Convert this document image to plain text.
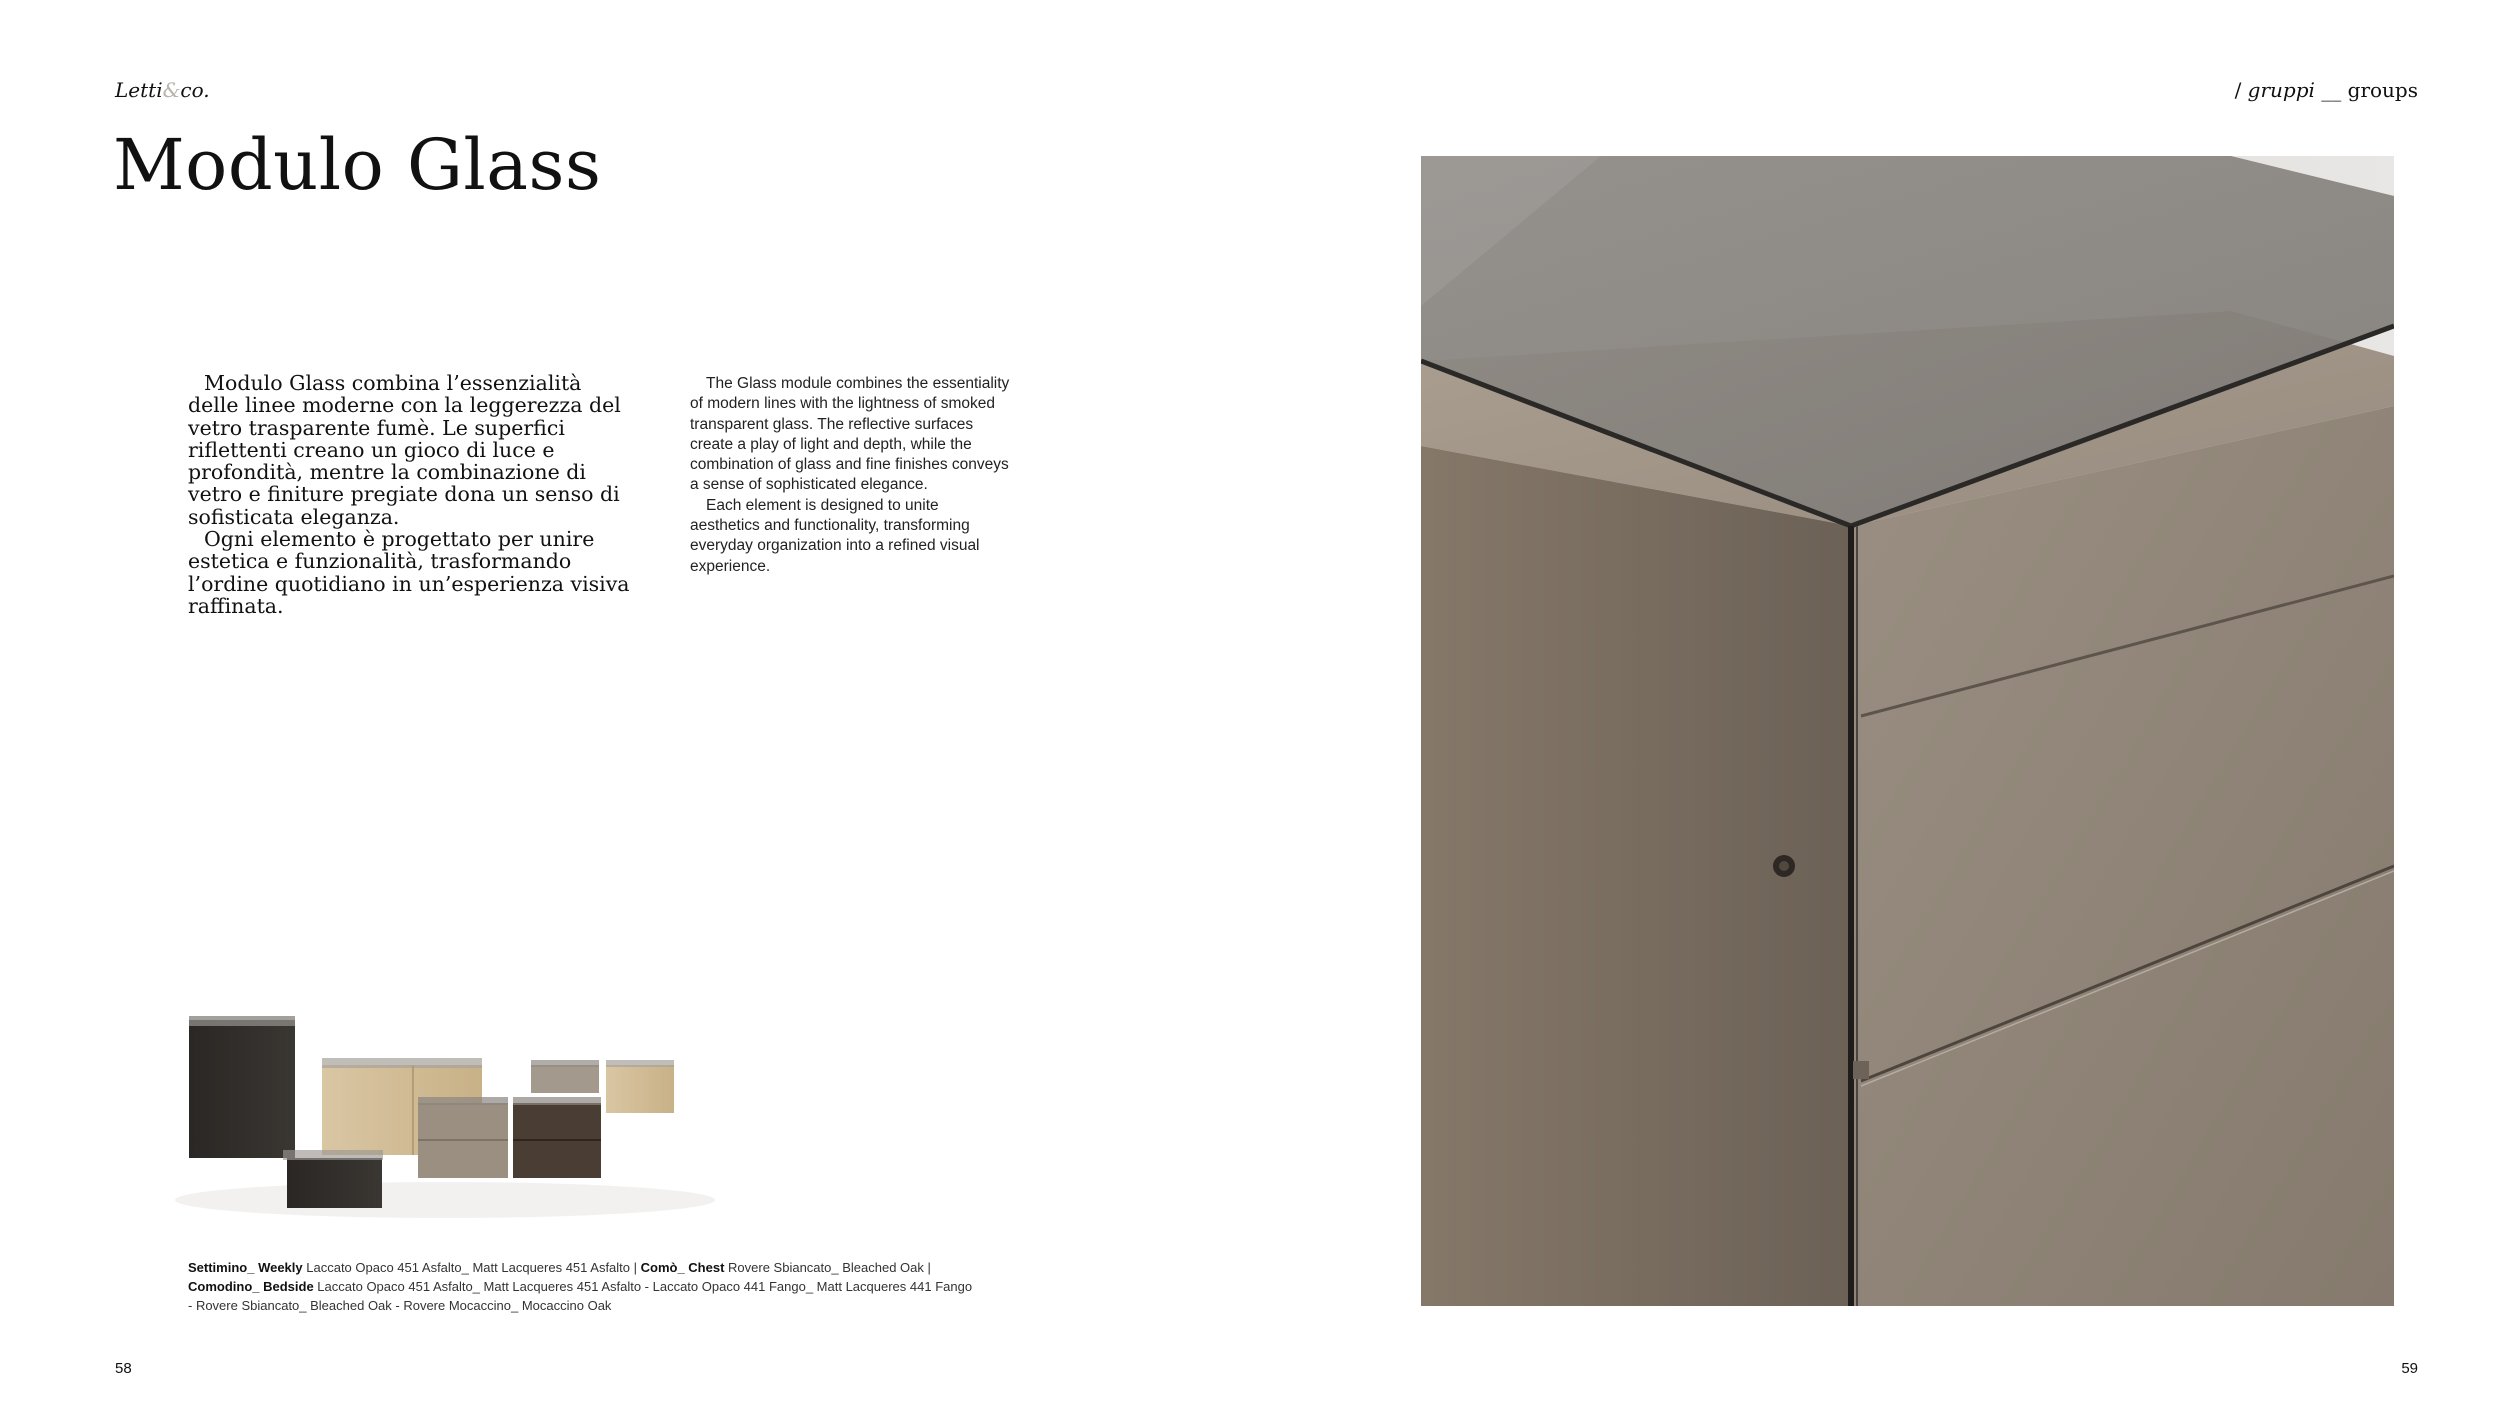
Letti&co.	/ gruppi __ groups
Modulo Glass

Modulo Glass combina l’essenzialità delle linee moderne con la leggerezza del vetro trasparente fumè. Le superfici riflettenti creano un gioco di luce e profondità, mentre la combinazione di vetro e finiture pregiate dona un senso di sofisticata eleganza.

Ogni elemento è progettato per unire estetica e funzionalità, trasformando l’ordine quotidiano in un’esperienza visiva raffinata.

The Glass module combines the essentiality of modern lines with the lightness of smoked transparent glass. The reflective surfaces create a play of light and depth, while the combination of glass and fine finishes conveys a sense of sophisticated elegance.

Each element is designed to unite aesthetics and functionality, transforming everyday organization into a refined visual experience.

Settimino_ Weekly Laccato Opaco 451 Asfalto_ Matt Lacqueres 451 Asfalto | Comò_ Chest Rovere Sbiancato_ Bleached Oak |
Comodino_ Bedside Laccato Opaco 451 Asfalto_ Matt Lacqueres 451 Asfalto - Laccato Opaco 441 Fango_ Matt Lacqueres 441 Fango
- Rovere Sbiancato_ Bleached Oak - Rovere Mocaccino_ Mocaccino Oak
58	59
